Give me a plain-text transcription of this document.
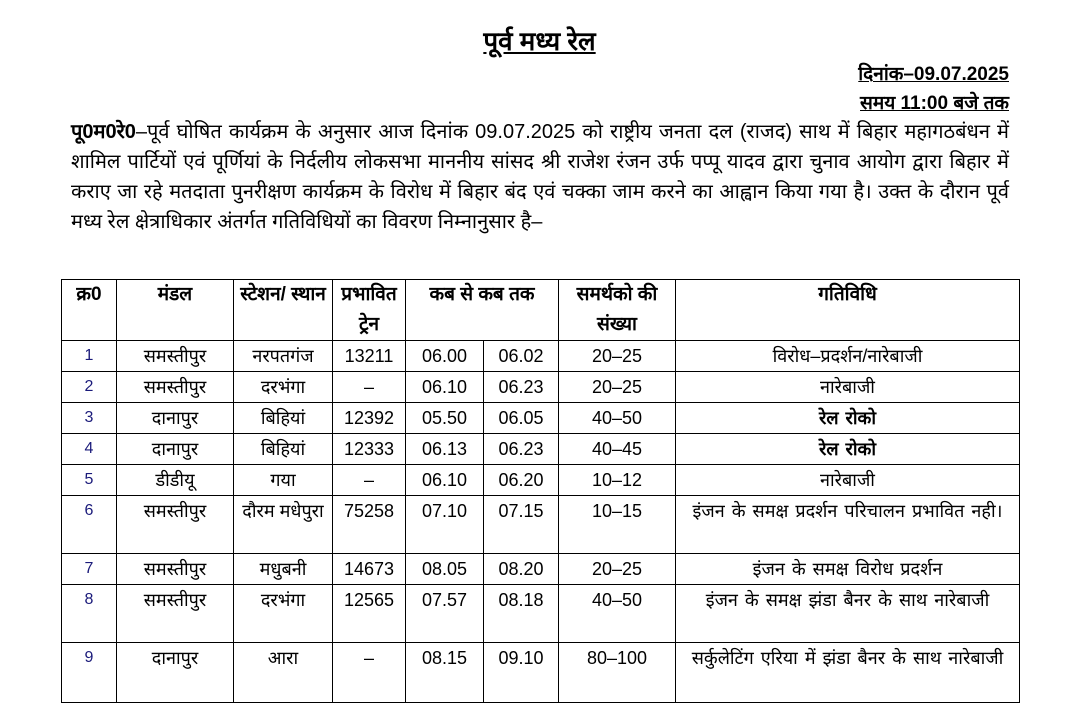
पूर्व मध्य रेल
दिनांक–09.07.2025
समय 11:00 बजे तक
पू0म0रे0–पूर्व घोषित कार्यक्रम के अनुसार आज दिनांक 09.07.2025 को राष्ट्रीय जनता दल (राजद) साथ में बिहार महागठबंधन में शामिल पार्टियों एवं पूर्णियां के निर्दलीय लोकसभा माननीय सांसद श्री राजेश रंजन उर्फ पप्पू यादव द्वारा चुनाव आयोग द्वारा बिहार में कराए जा रहे मतदाता पुनरीक्षण कार्यक्रम के विरोध में बिहार बंद एवं चक्का जाम करने का आह्वान किया गया है। उक्त के दौरान पूर्व मध्य रेल क्षेत्राधिकार अंतर्गत गतिविधियों का विवरण निम्नानुसार है–
क्र0	मंडल	स्टेशन/ स्थान	प्रभावित ट्रेन	कब से कब तक		समर्थको की संख्या	गतिविधि
1	समस्तीपुर	नरपतगंज	13211	06.00	06.02	20–25	विरोध–प्रदर्शन/नारेबाजी
2	समस्तीपुर	दरभंगा	–	06.10	06.23	20–25	नारेबाजी
3	दानापुर	बिहियां	12392	05.50	06.05	40–50	रेल रोको
4	दानापुर	बिहियां	12333	06.13	06.23	40–45	रेल रोको
5	डीडीयू	गया	–	06.10	06.20	10–12	नारेबाजी
6	समस्तीपुर	दौरम मधेपुरा	75258	07.10	07.15	10–15	इंजन के समक्ष प्रदर्शन परिचालन प्रभावित नही।
7	समस्तीपुर	मधुबनी	14673	08.05	08.20	20–25	इंजन के समक्ष विरोध प्रदर्शन
8	समस्तीपुर	दरभंगा	12565	07.57	08.18	40–50	इंजन के समक्ष झंडा बैनर के साथ नारेबाजी
9	दानापुर	आरा	–	08.15	09.10	80–100	सर्कुलेटिंग एरिया में झंडा बैनर के साथ नारेबाजी
